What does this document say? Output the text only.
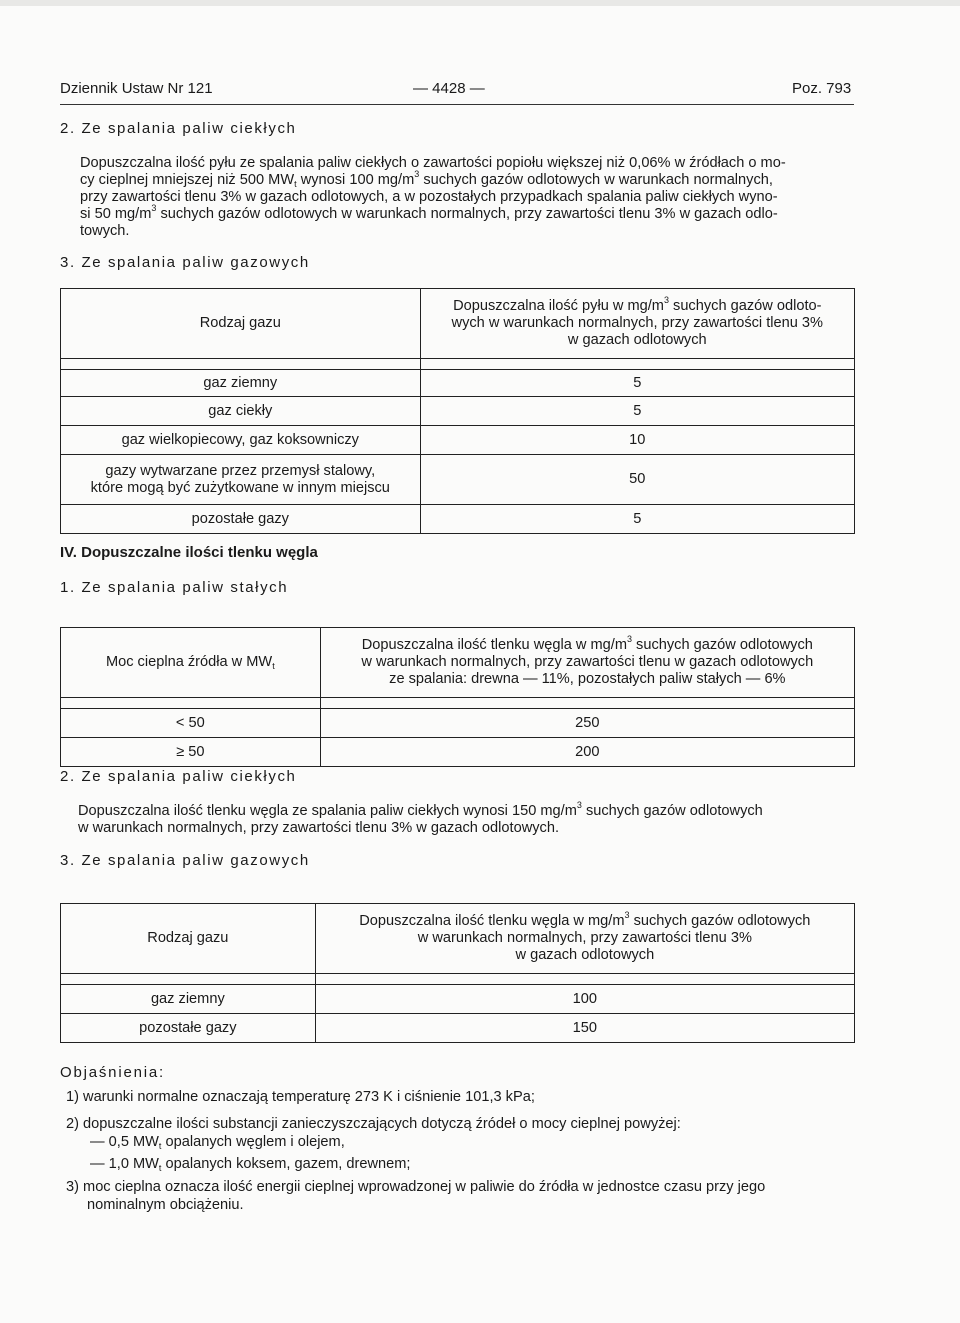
Dziennik Ustaw Nr 121	— 4428 —	Poz. 793
2. Ze spalania paliw ciekłych
Dopuszczalna ilość pyłu ze spalania paliw ciekłych o zawartości popiołu większej niż 0,06% w źródłach o mo-
cy cieplnej mniejszej niż 500 $MW_t$ wynosi 100 $mg/m^3$ suchych gazów odlotowych w warunkach normalnych,
przy zawartości tlenu 3% w gazach odlotowych, a w pozostałych przypadkach spalania paliw ciekłych wyno-
si 50 $mg/m^3$ suchych gazów odlotowych w warunkach normalnych, przy zawartości tlenu 3% w gazach odlo-
towych.
3. Ze spalania paliw gazowych
Rodzaj gazu	Dopuszczalna ilość pyłu w $mg/m^3$ suchych gazów odloto-
wych w warunkach normalnych, przy zawartości tlenu 3%
w gazach odlotowych

gaz ziemny	5
gaz ciekły	5
gaz wielkopiecowy, gaz koksowniczy	10

gazy wytwarzane przez przemysł stalowy,
które mogą być zużytkowane w innym miejscu	50
pozostałe gazy	5
IV. Dopuszczalne ilości tlenku węgla
1. Ze spalania paliw stałych
Moc cieplna źródła w $MW_t$	Dopuszczalna ilość tlenku węgla w $mg/m^3$ suchych gazów odlotowych
w warunkach normalnych, przy zawartości tlenu w gazach odlotowych
ze spalania: drewna — 11%, pozostałych paliw stałych — 6%

< 50	250
≥ 50	200
2. Ze spalania paliw ciekłych
Dopuszczalna ilość tlenku węgla ze spalania paliw ciekłych wynosi 150 $mg/m^3$ suchych gazów odlotowych
w warunkach normalnych, przy zawartości tlenu 3% w gazach odlotowych.
3. Ze spalania paliw gazowych
Rodzaj gazu	Dopuszczalna ilość tlenku węgla w $mg/m^3$ suchych gazów odlotowych
w warunkach normalnych, przy zawartości tlenu 3%
w gazach odlotowych

gaz ziemny	100
pozostałe gazy	150
Objaśnienia:
1) warunki normalne oznaczają temperaturę 273 K i ciśnienie 101,3 kPa;
2) dopuszczalne ilości substancji zanieczyszczających dotyczą źródeł o mocy cieplnej powyżej:
— 0,5 $MW_t$ opalanych węglem i olejem,
— 1,0 $MW_t$ opalanych koksem, gazem, drewnem;
3) moc cieplna oznacza ilość energii cieplnej wprowadzonej w paliwie do źródła w jednostce czasu przy jego
nominalnym obciążeniu.
